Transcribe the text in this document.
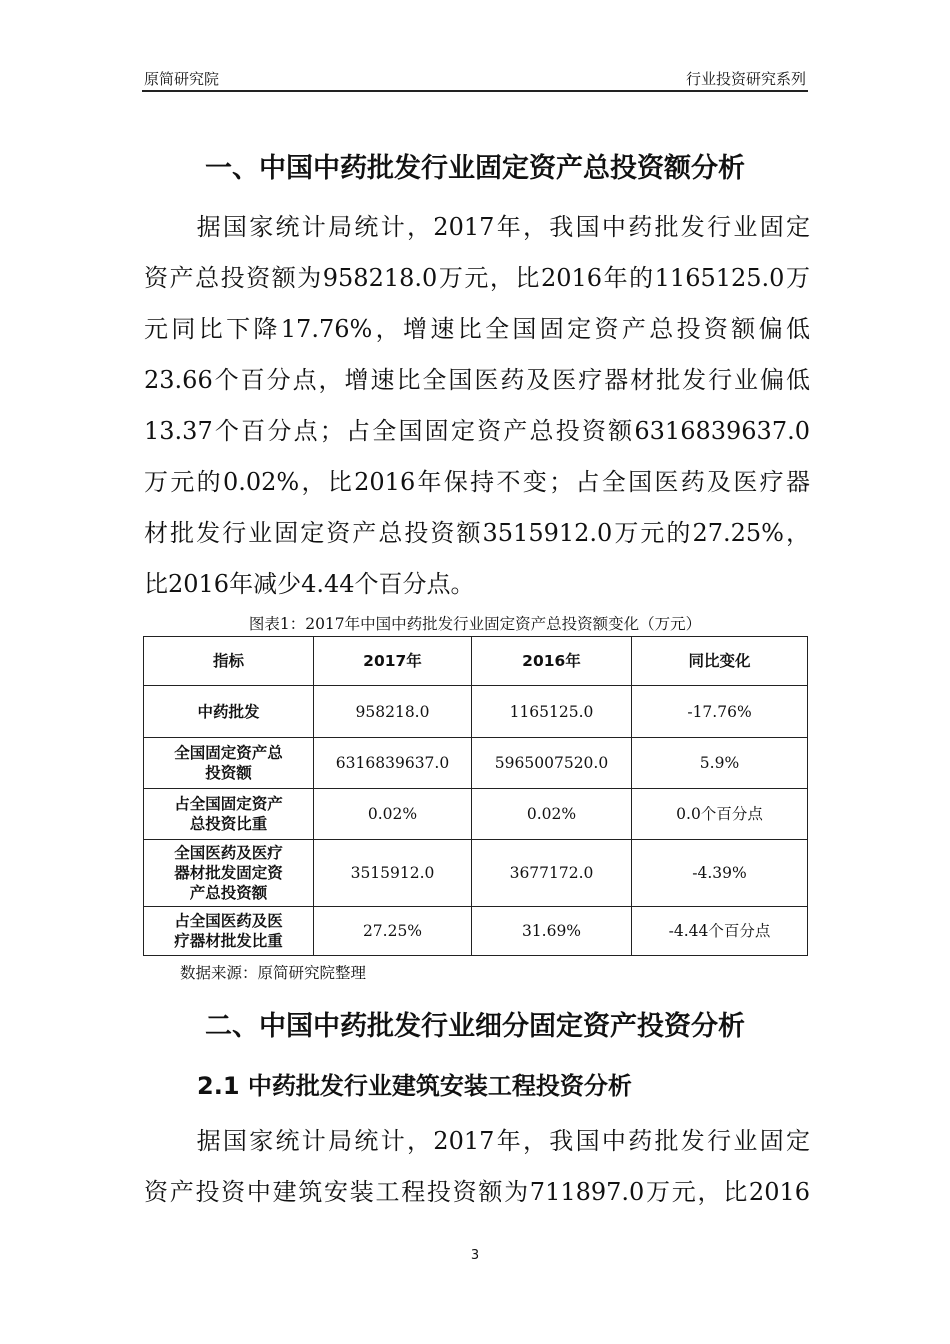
原简研究院	行业投资研究系列
一、中国中药批发行业固定资产总投资额分析
　　据国家统计局统计，2017年，我国中药批发行业固定
资产总投资额为958218.0万元，比2016年的1165125.0万
元同比下降17.76%，增速比全国固定资产总投资额偏低
23.66个百分点，增速比全国医药及医疗器材批发行业偏低
13.37个百分点；占全国固定资产总投资额6316839637.0
万元的0.02%，比2016年保持不变；占全国医药及医疗器
材批发行业固定资产总投资额3515912.0万元的27.25%，
比2016年减少4.44个百分点。
图表1：2017年中国中药批发行业固定资产总投资额变化（万元）
指标	2017年	2016年	同比变化
中药批发	958218.0	1165125.0	-17.76%
全国固定资产总
投资额	6316839637.0	5965007520.0	5.9%
占全国固定资产
总投资比重	0.02%	0.02%	0.0个百分点
全国医药及医疗
器材批发固定资
产总投资额	3515912.0	3677172.0	-4.39%
占全国医药及医
疗器材批发比重	27.25%	31.69%	-4.44个百分点
数据来源：原简研究院整理
二、中国中药批发行业细分固定资产投资分析
2.1 中药批发行业建筑安装工程投资分析
　　据国家统计局统计，2017年，我国中药批发行业固定
资产投资中建筑安装工程投资额为711897.0万元，比2016
3
